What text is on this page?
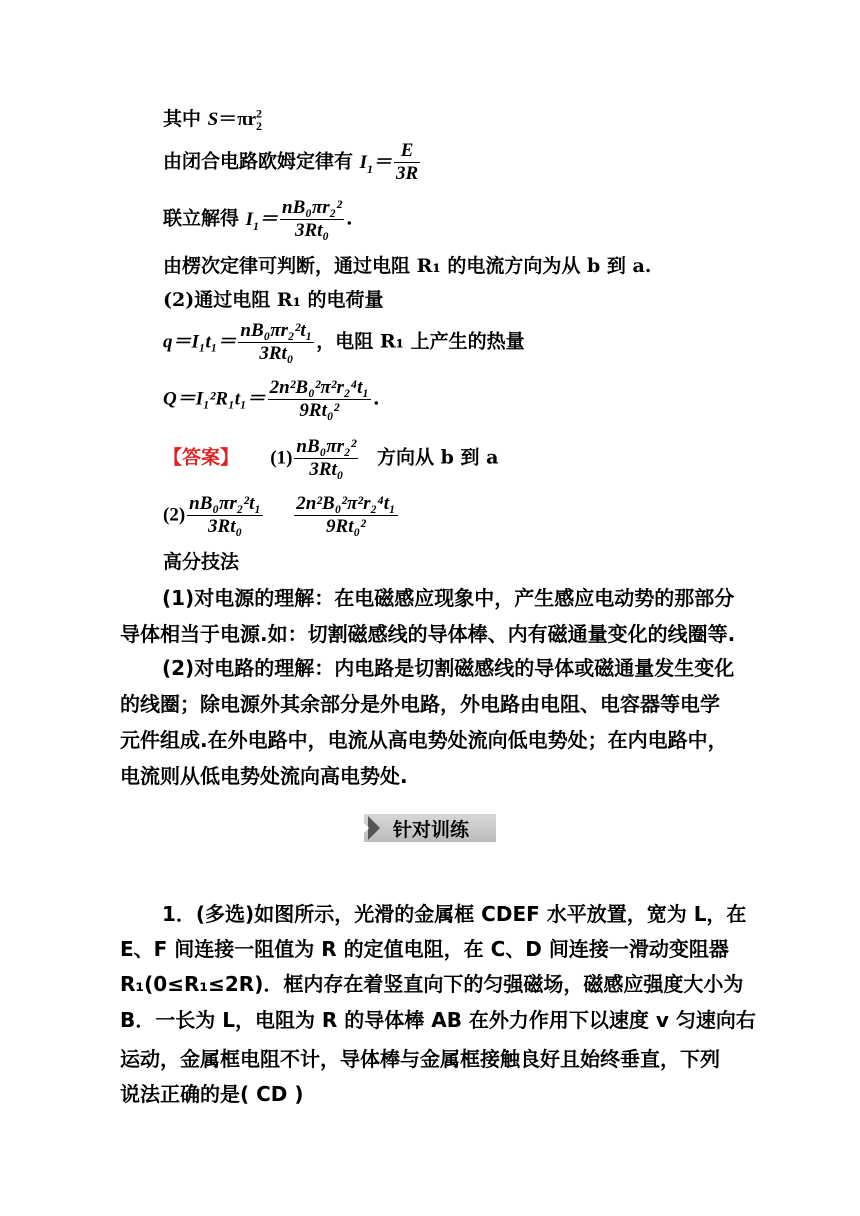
其中 $S=\pi r^2_2$
由闭合电路欧姆定律有 $I_1= \frac{E}{3R}$
联立解得 $I_1= \frac{\text{nB₀πr₂²}}{\text{3Rt₀}}$ .
由楞次定律可判断，通过电阻 R₁ 的电流方向为从 b 到 a.
(2)通过电阻 R₁ 的电荷量
$q=I_1t_1= \frac{\text{nB₀πr₂²t₁}}{\text{3Rt₀}}$ ，电阻 R₁ 上产生的热量
$Q=I_1^2R_1t_1= \frac{\text{2n²B₀²π²r₂⁴t₁}}{\text{9Rt₀²}}$ .
【答案】 $(1) \frac{\text{nB₀πr₂²}}{\text{3Rt₀}}$ 方向从 b 到 a
$(2) \frac{\text{nB₀πr₂²t₁}}{\text{3Rt₀}}$
$\frac{\text{2n²B₀²π²r₂⁴t₁}}{\text{9Rt₀²}}$
高分技法
(1)对电源的理解：在电磁感应现象中，产生感应电动势的那部分
导体相当于电源.如：切割磁感线的导体棒、内有磁通量变化的线圈等.
(2)对电路的理解：内电路是切割磁感线的导体或磁通量发生变化
的线圈；除电源外其余部分是外电路，外电路由电阻、电容器等电学
元件组成.在外电路中，电流从高电势处流向低电势处；在内电路中，
电流则从低电势处流向高电势处.
针对训练
1．(多选)如图所示，光滑的金属框 CDEF 水平放置，宽为 L，在
E、F 间连接一阻值为 R 的定值电阻，在 C、D 间连接一滑动变阻器
R₁(0≤R₁≤2R)．框内存在着竖直向下的匀强磁场，磁感应强度大小为
B．一长为 L，电阻为 R 的导体棒 AB 在外力作用下以速度 v 匀速向右
运动，金属框电阻不计，导体棒与金属框接触良好且始终垂直，下列
说法正确的是( CD )
